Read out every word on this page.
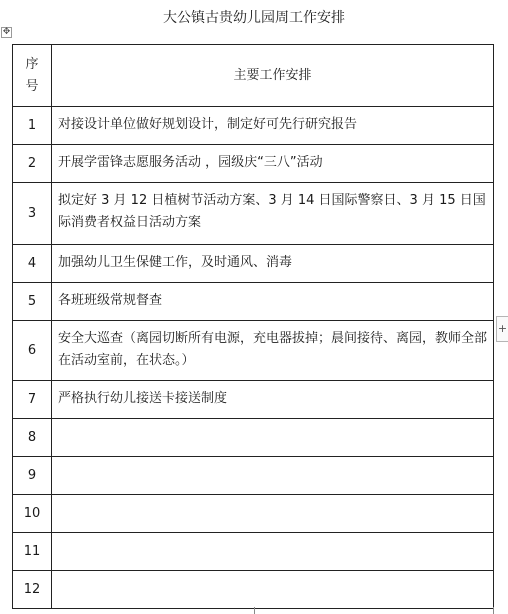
大公镇古贵幼儿园周工作安排
✥
序
号	主要工作安排
1	对接设计单位做好规划设计，制定好可先行研究报告
2	开展学雷锋志愿服务活动 ，园级庆“三八”活动
3	拟定好 3 月 12 日植树节活动方案、3 月 14 日国际警察日、3 月 15 日国际消费者权益日活动方案
4	加强幼儿卫生保健工作，及时通风、消毒
5	各班班级常规督查
6	安全大巡查（离园切断所有电源，充电器拔掉；晨间接待、离园，教师全部在活动室前，在状态。）
7	严格执行幼儿接送卡接送制度
8	
9	
10	
11	
12	
+
